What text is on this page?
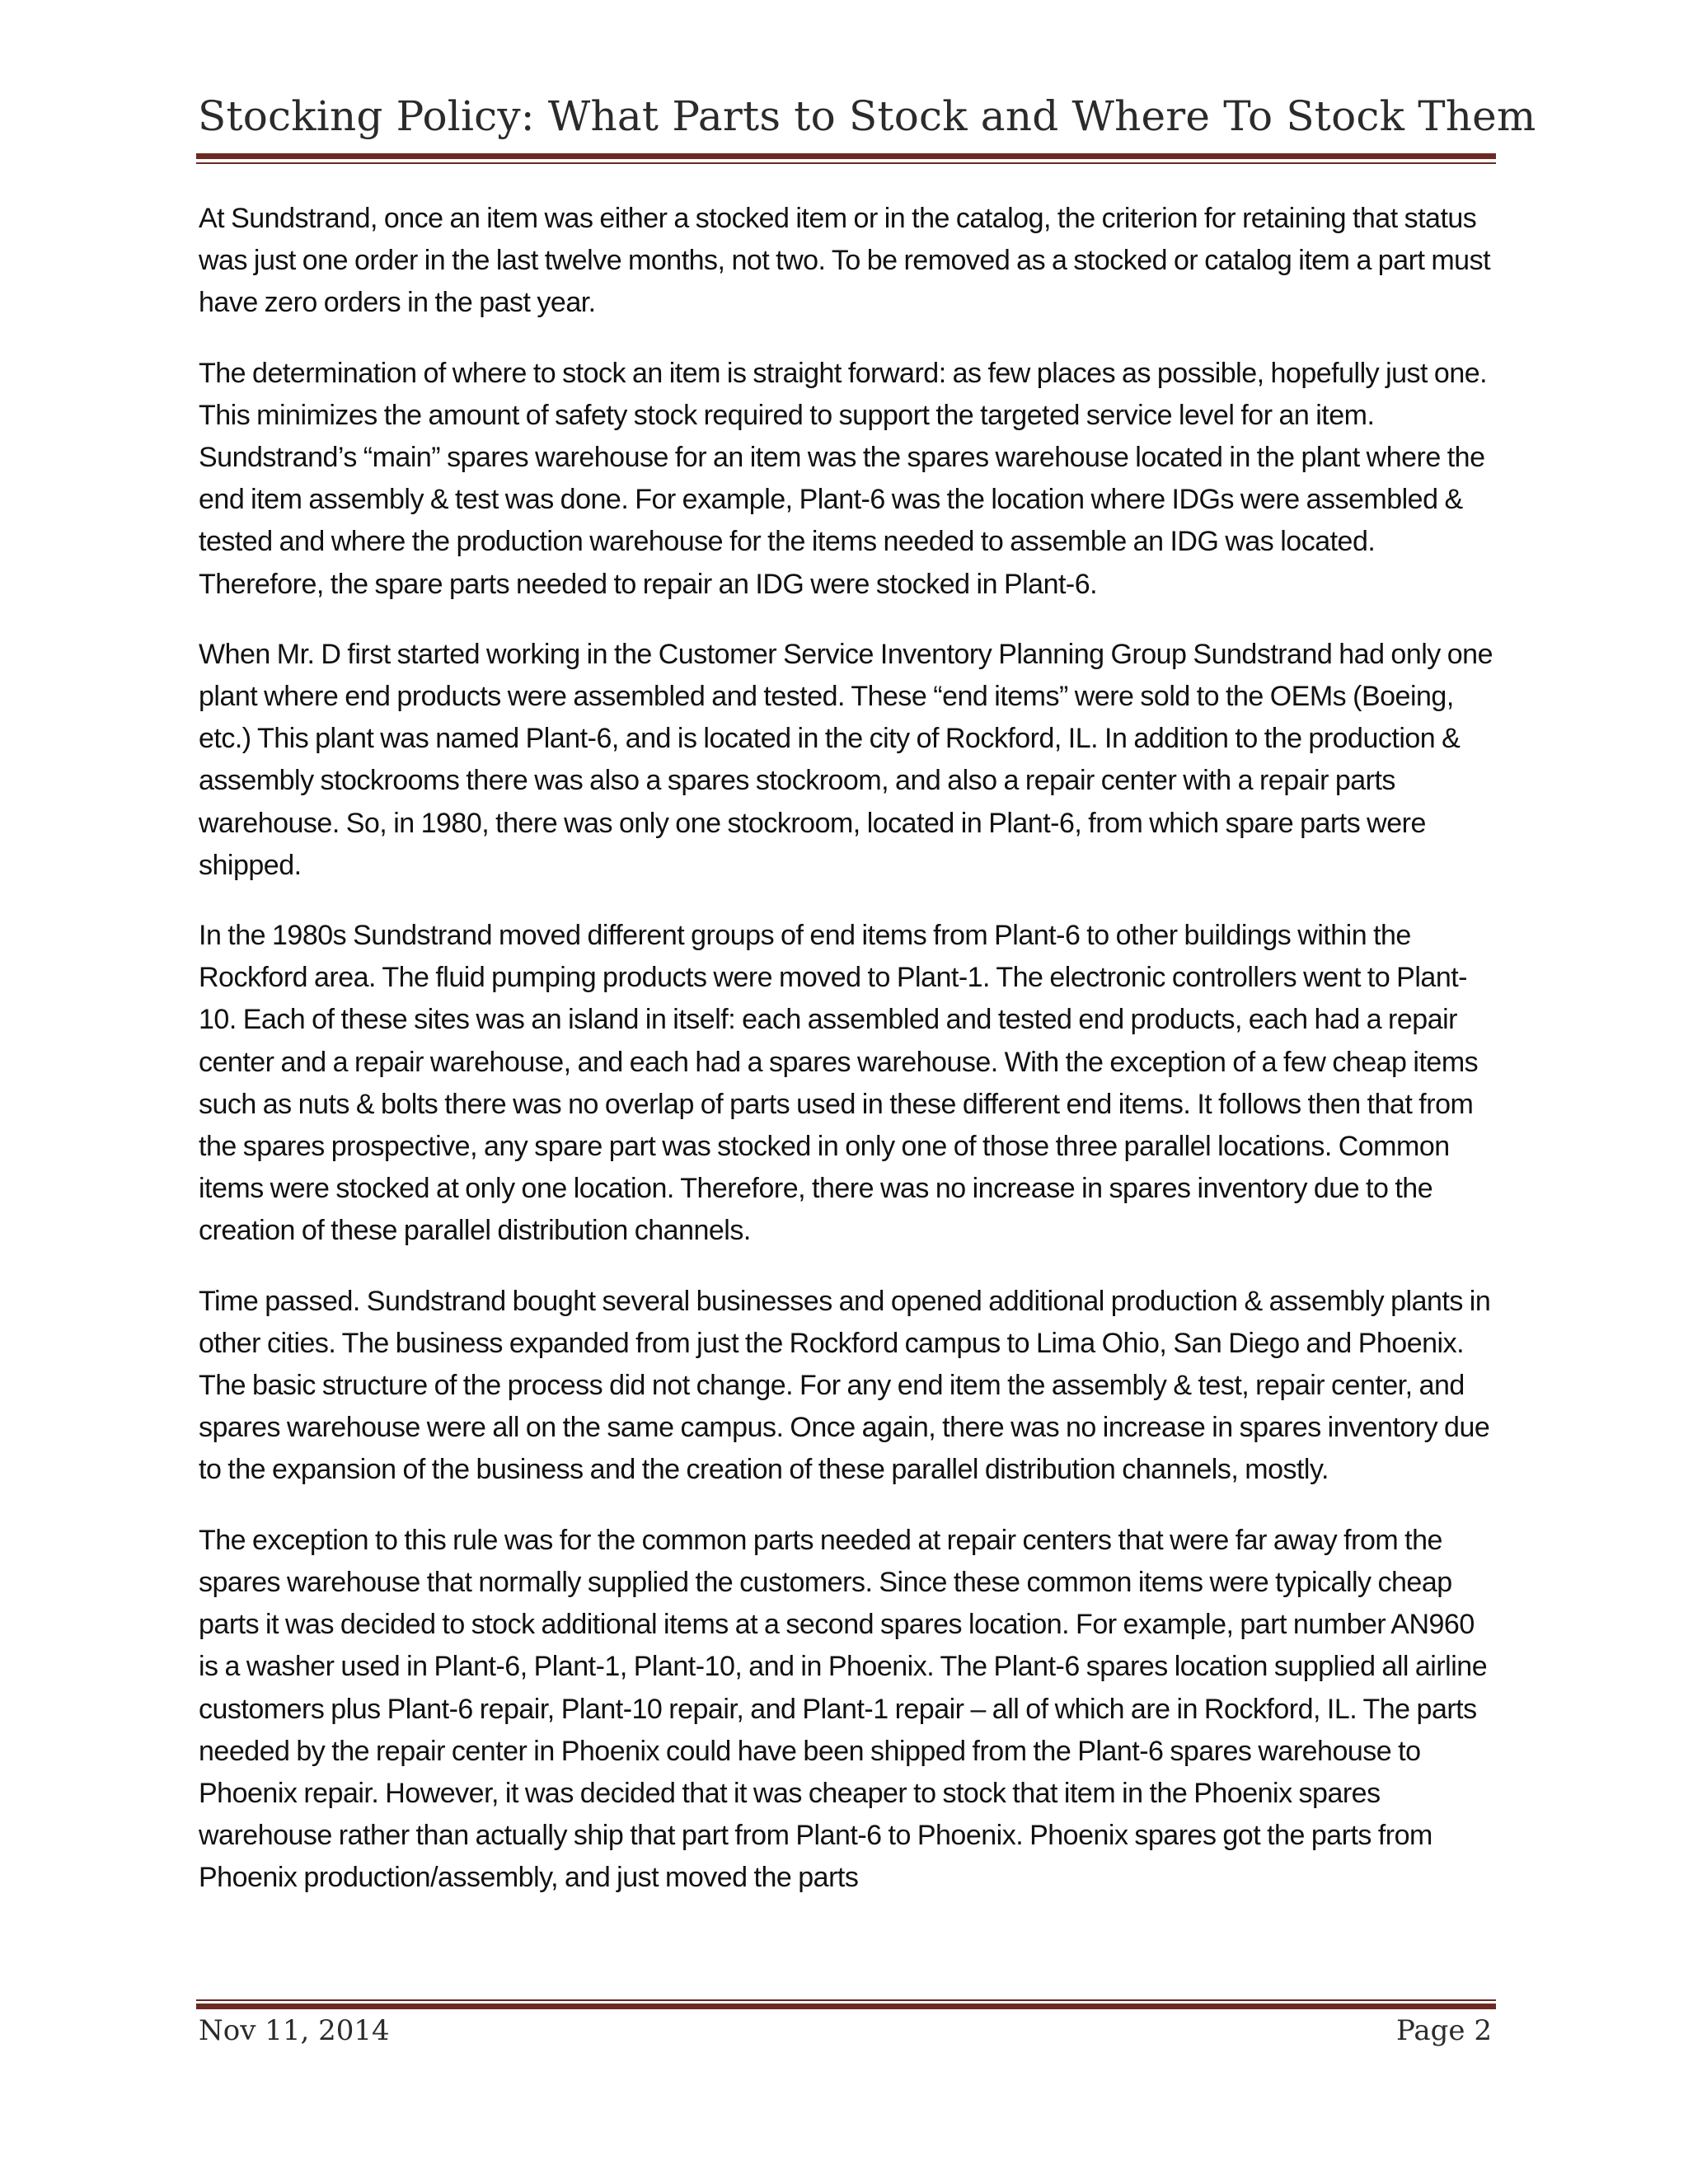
Stocking Policy: What Parts to Stock and Where To Stock Them

At Sundstrand, once an item was either a stocked item or in the catalog, the criterion for retaining that status was just one order in the last twelve months, not two. To be removed as a stocked or catalog item a part must have zero orders in the past year.

The determination of where to stock an item is straight forward: as few places as possible, hopefully just one. This minimizes the amount of safety stock required to support the targeted service level for an item. Sundstrand’s “main” spares warehouse for an item was the spares warehouse located in the plant where the end item assembly & test was done. For example, Plant-6 was the location where IDGs were assembled & tested and where the production warehouse for the items needed to assemble an IDG was located. Therefore, the spare parts needed to repair an IDG were stocked in Plant-6.

When Mr. D first started working in the Customer Service Inventory Planning Group Sundstrand had only one plant where end products were assembled and tested. These “end items” were sold to the OEMs (Boeing, etc.) This plant was named Plant-6, and is located in the city of Rockford, IL. In addition to the production & assembly stockrooms there was also a spares stockroom, and also a repair center with a repair parts warehouse. So, in 1980, there was only one stockroom, located in Plant-6, from which spare parts were shipped.

In the 1980s Sundstrand moved different groups of end items from Plant-6 to other buildings within the Rockford area. The fluid pumping products were moved to Plant-1. The electronic controllers went to Plant-10. Each of these sites was an island in itself: each assembled and tested end products, each had a repair center and a repair warehouse, and each had a spares warehouse. With the exception of a few cheap items such as nuts & bolts there was no overlap of parts used in these different end items. It follows then that from the spares prospective, any spare part was stocked in only one of those three parallel locations. Common items were stocked at only one location. Therefore, there was no increase in spares inventory due to the creation of these parallel distribution channels.

Time passed. Sundstrand bought several businesses and opened additional production & assembly plants in other cities. The business expanded from just the Rockford campus to Lima Ohio, San Diego and Phoenix. The basic structure of the process did not change. For any end item the assembly & test, repair center, and spares warehouse were all on the same campus. Once again, there was no increase in spares inventory due to the expansion of the business and the creation of these parallel distribution channels, mostly.

The exception to this rule was for the common parts needed at repair centers that were far away from the spares warehouse that normally supplied the customers. Since these common items were typically cheap parts it was decided to stock additional items at a second spares location. For example, part number AN960 is a washer used in Plant-6, Plant-1, Plant-10, and in Phoenix. The Plant-6 spares location supplied all airline customers plus Plant-6 repair, Plant-10 repair, and Plant-1 repair – all of which are in Rockford, IL. The parts needed by the repair center in Phoenix could have been shipped from the Plant-6 spares warehouse to Phoenix repair. However, it was decided that it was cheaper to stock that item in the Phoenix spares warehouse rather than actually ship that part from Plant-6 to Phoenix. Phoenix spares got the parts from Phoenix production/assembly, and just moved the parts

Nov 11, 2014	Page 2
